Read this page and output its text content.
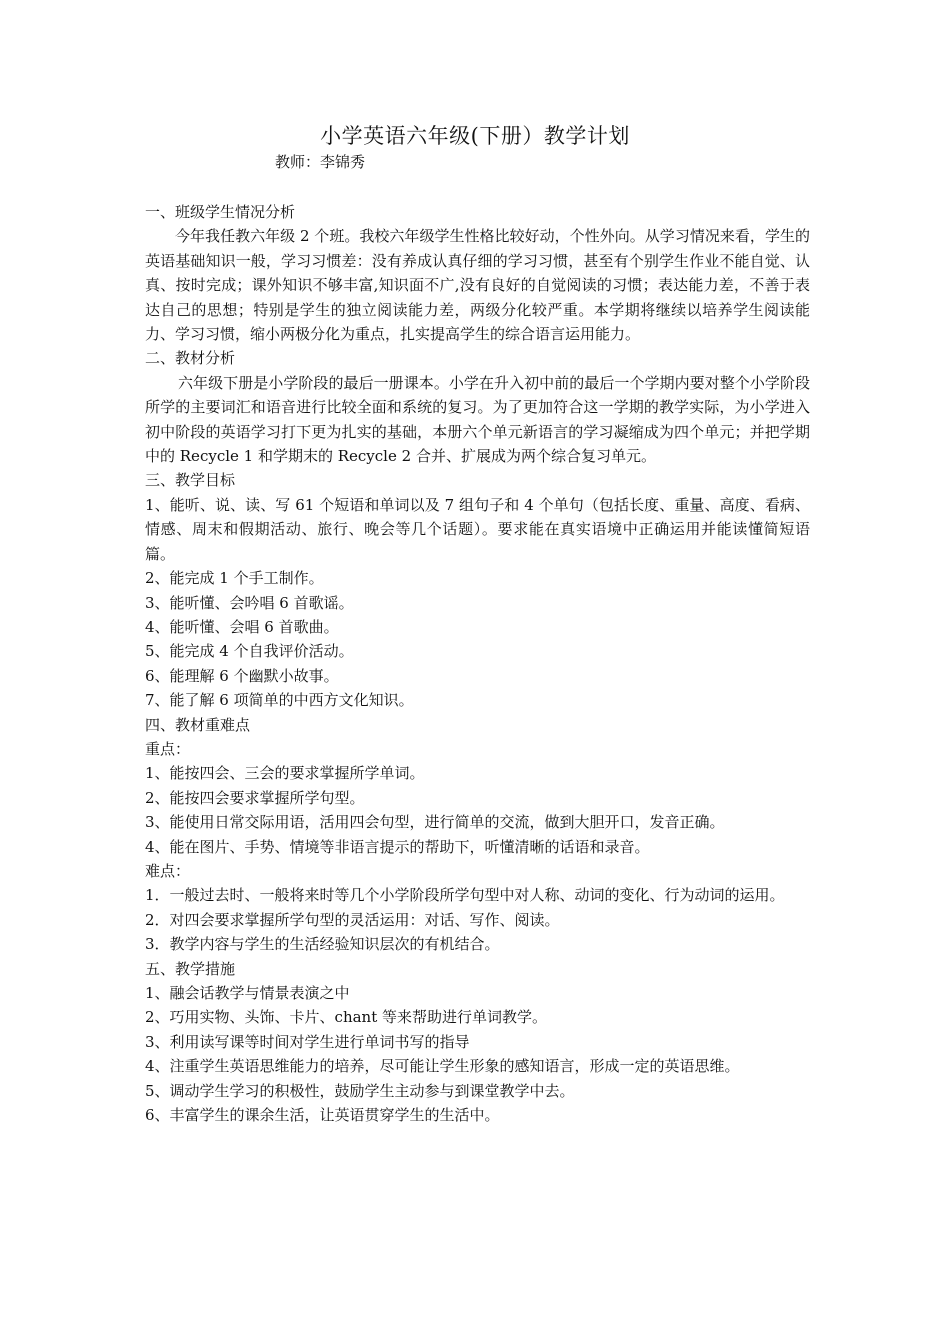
小学英语六年级(下册）教学计划
教师：李锦秀

一、班级学生情况分析

今年我任教六年级 2 个班。我校六年级学生性格比较好动，个性外向。从学习情况来看，学生的英语基础知识一般，学习习惯差：没有养成认真仔细的学习习惯，甚至有个别学生作业不能自觉、认真、按时完成；课外知识不够丰富,知识面不广,没有良好的自觉阅读的习惯；表达能力差，不善于表达自己的思想；特别是学生的独立阅读能力差，两级分化较严重。本学期将继续以培养学生阅读能力、学习习惯，缩小两极分化为重点，扎实提高学生的综合语言运用能力。

二、教材分析

六年级下册是小学阶段的最后一册课本。小学在升入初中前的最后一个学期内要对整个小学阶段所学的主要词汇和语音进行比较全面和系统的复习。为了更加符合这一学期的教学实际，为小学进入初中阶段的英语学习打下更为扎实的基础，本册六个单元新语言的学习凝缩成为四个单元；并把学期中的 Recycle 1 和学期末的 Recycle 2 合并、扩展成为两个综合复习单元。

三、教学目标

1、能听、说、读、写 61 个短语和单词以及 7 组句子和 4 个单句（包括长度、重量、高度、看病、情感、周末和假期活动、旅行、晚会等几个话题）。要求能在真实语境中正确运用并能读懂简短语篇。

2、能完成 1 个手工制作。

3、能听懂、会吟唱 6 首歌谣。

4、能听懂、会唱 6 首歌曲。

5、能完成 4 个自我评价活动。

6、能理解 6 个幽默小故事。

7、能了解 6 项简单的中西方文化知识。

四、教材重难点

重点：

1、能按四会、三会的要求掌握所学单词。

2、能按四会要求掌握所学句型。

3、能使用日常交际用语，活用四会句型，进行简单的交流，做到大胆开口，发音正确。

4、能在图片、手势、情境等非语言提示的帮助下，听懂清晰的话语和录音。

难点：

1．一般过去时、一般将来时等几个小学阶段所学句型中对人称、动词的变化、行为动词的运用。

2．对四会要求掌握所学句型的灵活运用：对话、写作、阅读。

3．教学内容与学生的生活经验知识层次的有机结合。

五、教学措施

1、融会话教学与情景表演之中

2、巧用实物、头饰、卡片、chant 等来帮助进行单词教学。

3、利用读写课等时间对学生进行单词书写的指导

4、注重学生英语思维能力的培养，尽可能让学生形象的感知语言，形成一定的英语思维。

5、调动学生学习的积极性，鼓励学生主动参与到课堂教学中去。

6、丰富学生的课余生活，让英语贯穿学生的生活中。
